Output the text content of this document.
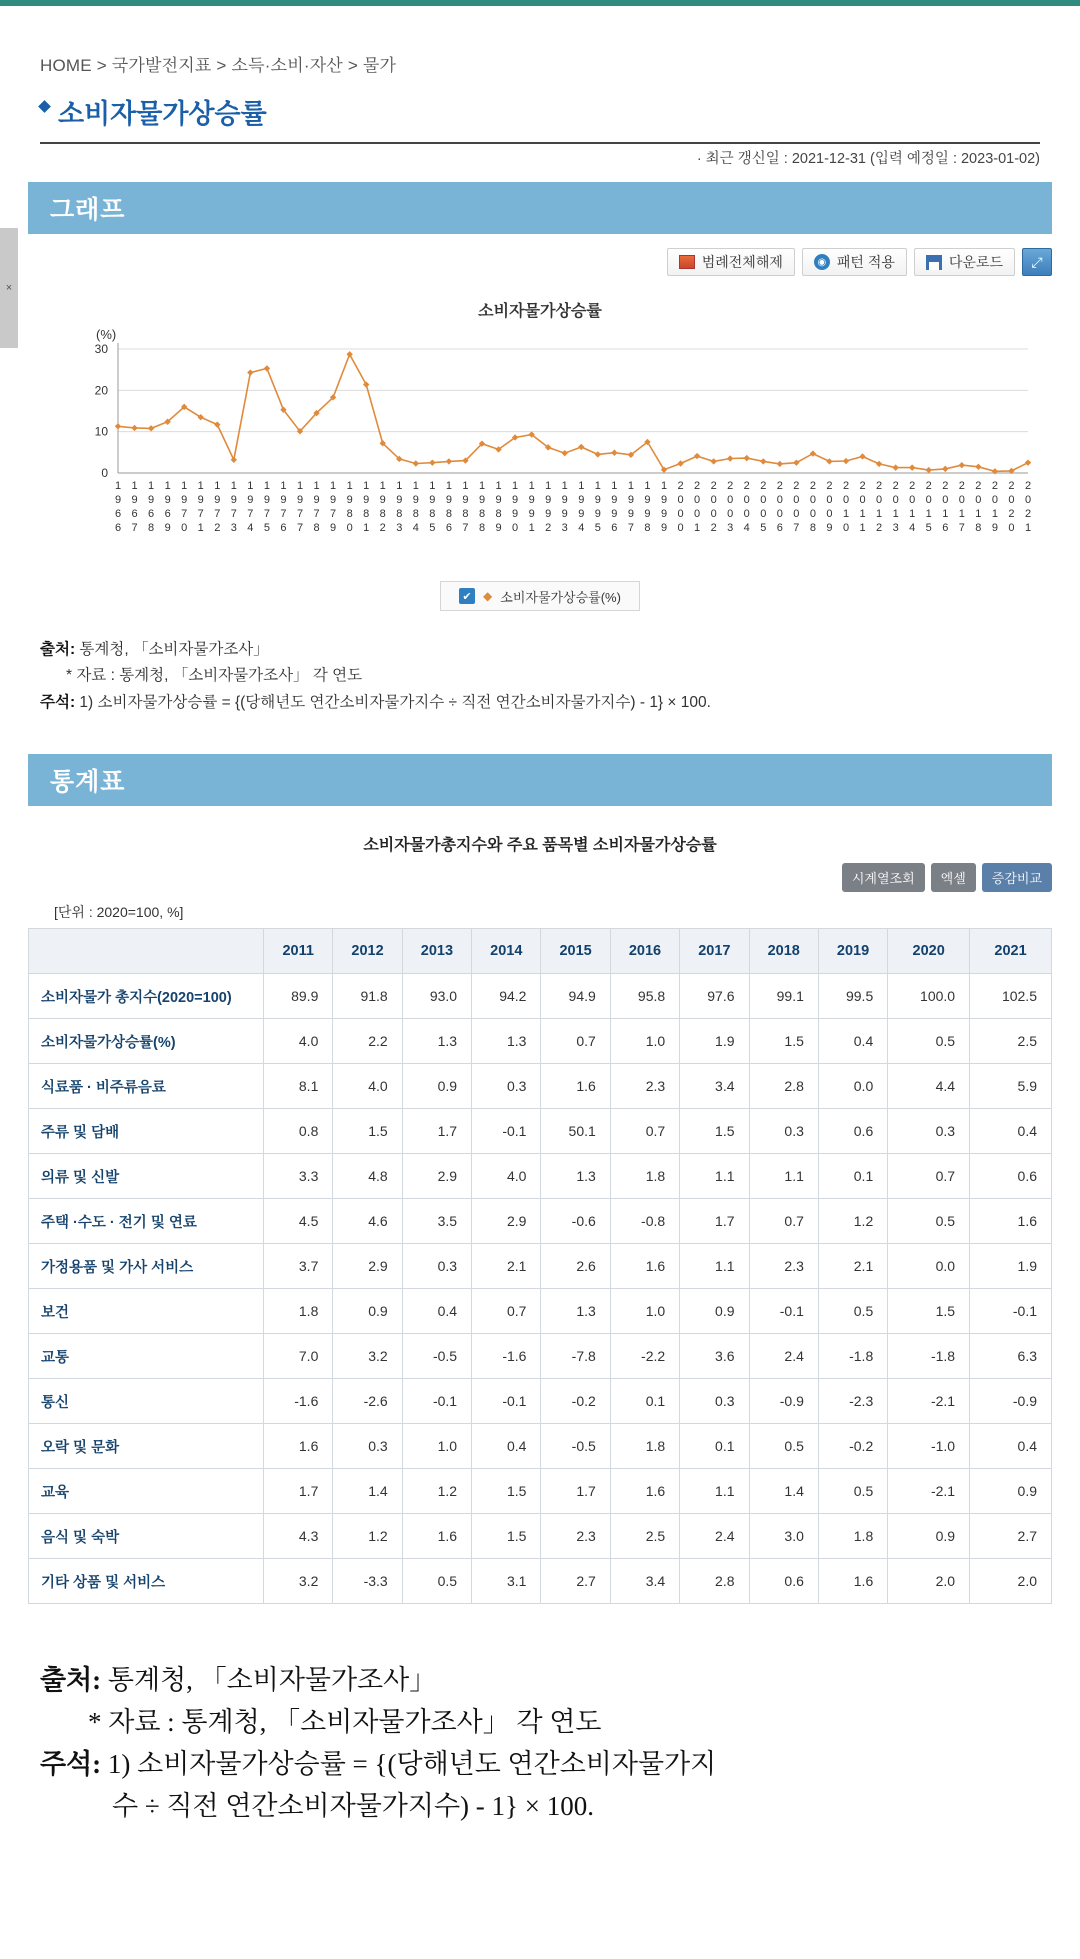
×
HOME > 국가발전지표 > 소득·소비·자산 > 물가
소비자물가상승률
· 최근 갱신일 : 2021-12-31 (입력 예정일 : 2023-01-02)
그래프
범례전체해제	◉ 패턴 적용	다운로드	⤢
소비자물가상승률
(%)
0
10
20
30
1
9
6
6
1
9
6
7
1
9
6
8
1
9
6
9
1
9
7
0
1
9
7
1
1
9
7
2
1
9
7
3
1
9
7
4
1
9
7
5
1
9
7
6
1
9
7
7
1
9
7
8
1
9
7
9
1
9
8
0
1
9
8
1
1
9
8
2
1
9
8
3
1
9
8
4
1
9
8
5
1
9
8
6
1
9
8
7
1
9
8
8
1
9
8
9
1
9
9
0
1
9
9
1
1
9
9
2
1
9
9
3
1
9
9
4
1
9
9
5
1
9
9
6
1
9
9
7
1
9
9
8
1
9
9
9
2
0
0
0
2
0
0
1
2
0
0
2
2
0
0
3
2
0
0
4
2
0
0
5
2
0
0
6
2
0
0
7
2
0
0
8
2
0
0
9
2
0
1
0
2
0
1
1
2
0
1
2
2
0
1
3
2
0
1
4
2
0
1
5
2
0
1
6
2
0
1
7
2
0
1
8
2
0
1
9
2
0
2
0
2
0
2
1
✔ ◆ 소비자물가상승률(%)
출처: 통계청, 「소비자물가조사」
* 자료 : 통계청, 「소비자물가조사」 각 연도
주석: 1) 소비자물가상승률 = {(당해년도 연간소비자물가지수 ÷ 직전 연간소비자물가지수) - 1} × 100.
통계표
소비자물가총지수와 주요 품목별 소비자물가상승률
시계열조회	엑셀	증감비교
[단위 : 2020=100, %]
	2011	2012	2013	2014	2015	2016	2017	2018	2019	2020	2021
소비자물가 총지수(2020=100)	89.9	91.8	93.0	94.2	94.9	95.8	97.6	99.1	99.5	100.0	102.5
소비자물가상승률(%)	4.0	2.2	1.3	1.3	0.7	1.0	1.9	1.5	0.4	0.5	2.5
식료품 · 비주류음료	8.1	4.0	0.9	0.3	1.6	2.3	3.4	2.8	0.0	4.4	5.9
주류 및 담배	0.8	1.5	1.7	-0.1	50.1	0.7	1.5	0.3	0.6	0.3	0.4
의류 및 신발	3.3	4.8	2.9	4.0	1.3	1.8	1.1	1.1	0.1	0.7	0.6
주택 ·수도 · 전기 및 연료	4.5	4.6	3.5	2.9	-0.6	-0.8	1.7	0.7	1.2	0.5	1.6
가정용품 및 가사 서비스	3.7	2.9	0.3	2.1	2.6	1.6	1.1	2.3	2.1	0.0	1.9
보건	1.8	0.9	0.4	0.7	1.3	1.0	0.9	-0.1	0.5	1.5	-0.1
교통	7.0	3.2	-0.5	-1.6	-7.8	-2.2	3.6	2.4	-1.8	-1.8	6.3
통신	-1.6	-2.6	-0.1	-0.1	-0.2	0.1	0.3	-0.9	-2.3	-2.1	-0.9
오락 및 문화	1.6	0.3	1.0	0.4	-0.5	1.8	0.1	0.5	-0.2	-1.0	0.4
교육	1.7	1.4	1.2	1.5	1.7	1.6	1.1	1.4	0.5	-2.1	0.9
음식 및 숙박	4.3	1.2	1.6	1.5	2.3	2.5	2.4	3.0	1.8	0.9	2.7
기타 상품 및 서비스	3.2	-3.3	0.5	3.1	2.7	3.4	2.8	0.6	1.6	2.0	2.0
출처: 통계청, 「소비자물가조사」
* 자료 : 통계청, 「소비자물가조사」 각 연도
주석: 1) 소비자물가상승률 = {(당해년도 연간소비자물가지
수 ÷ 직전 연간소비자물가지수) - 1} × 100.
